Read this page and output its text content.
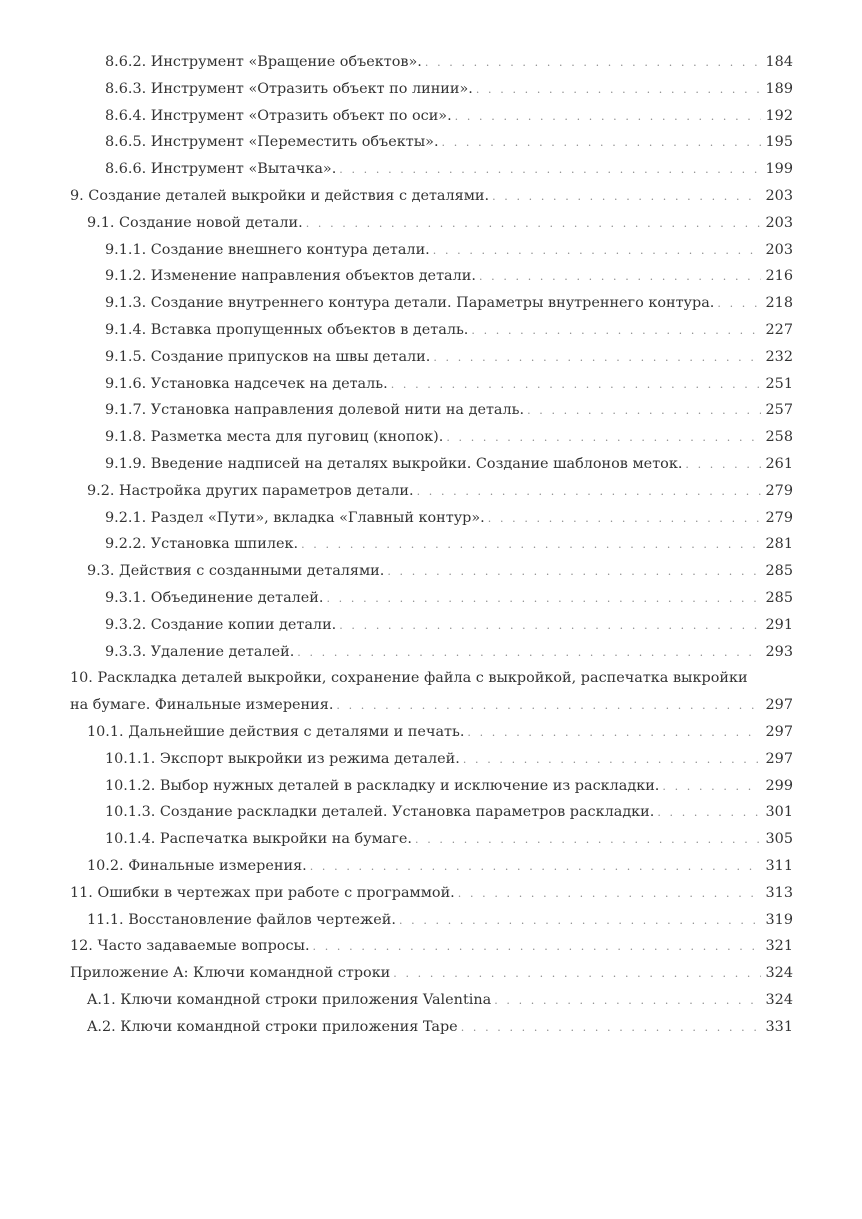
8.6.2. Инструмент «Вращение объектов». . . .	184
8.6.3. Инструмент «Отразить объект по линии». . . .	189
8.6.4. Инструмент «Отразить объект по оси». . . .	192
8.6.5. Инструмент «Переместить объекты». . . .	195
8.6.6. Инструмент «Вытачка». . . .	199
9. Создание деталей выкройки и действия с деталями. . . .	203
9.1. Создание новой детали. . . .	203
9.1.1. Создание внешнего контура детали. . . .	203
9.1.2. Изменение направления объектов детали. . . .	216
9.1.3. Создание внутреннего контура детали. Параметры внутреннего контура. . . .	218
9.1.4. Вставка пропущенных объектов в деталь. . . .	227
9.1.5. Создание припусков на швы детали. . . .	232
9.1.6. Установка надсечек на деталь. . . .	251
9.1.7. Установка направления долевой нити на деталь. . . .	257
9.1.8. Разметка места для пуговиц (кнопок). . . .	258
9.1.9. Введение надписей на деталях выкройки. Создание шаблонов меток. . . .	261
9.2. Настройка других параметров детали. . . .	279
9.2.1. Раздел «Пути», вкладка «Главный контур». . . .	279
9.2.2. Установка шпилек. . . .	281
9.3. Действия с созданными деталями. . . .	285
9.3.1. Объединение деталей. . . .	285
9.3.2. Создание копии детали. . . .	291
9.3.3. Удаление деталей. . . .	293
10. Раскладка деталей выкройки, сохранение файла с выкройкой, распечатка выкройки
на бумаге. Финальные измерения. . . .	297
10.1. Дальнейшие действия с деталями и печать. . . .	297
10.1.1. Экспорт выкройки из режима деталей. . . .	297
10.1.2. Выбор нужных деталей в раскладку и исключение из раскладки. . . .	299
10.1.3. Создание раскладки деталей. Установка параметров раскладки. . . .	301
10.1.4. Распечатка выкройки на бумаге. . . .	305
10.2. Финальные измерения. . . .	311
11. Ошибки в чертежах при работе с программой. . . .	313
11.1. Восстановление файлов чертежей. . . .	319
12. Часто задаваемые вопросы. . . .	321
Приложение A: Ключи командной строки . . .	324
A.1. Ключи командной строки приложения Valentina . . .	324
A.2. Ключи командной строки приложения Tape . . .	331
